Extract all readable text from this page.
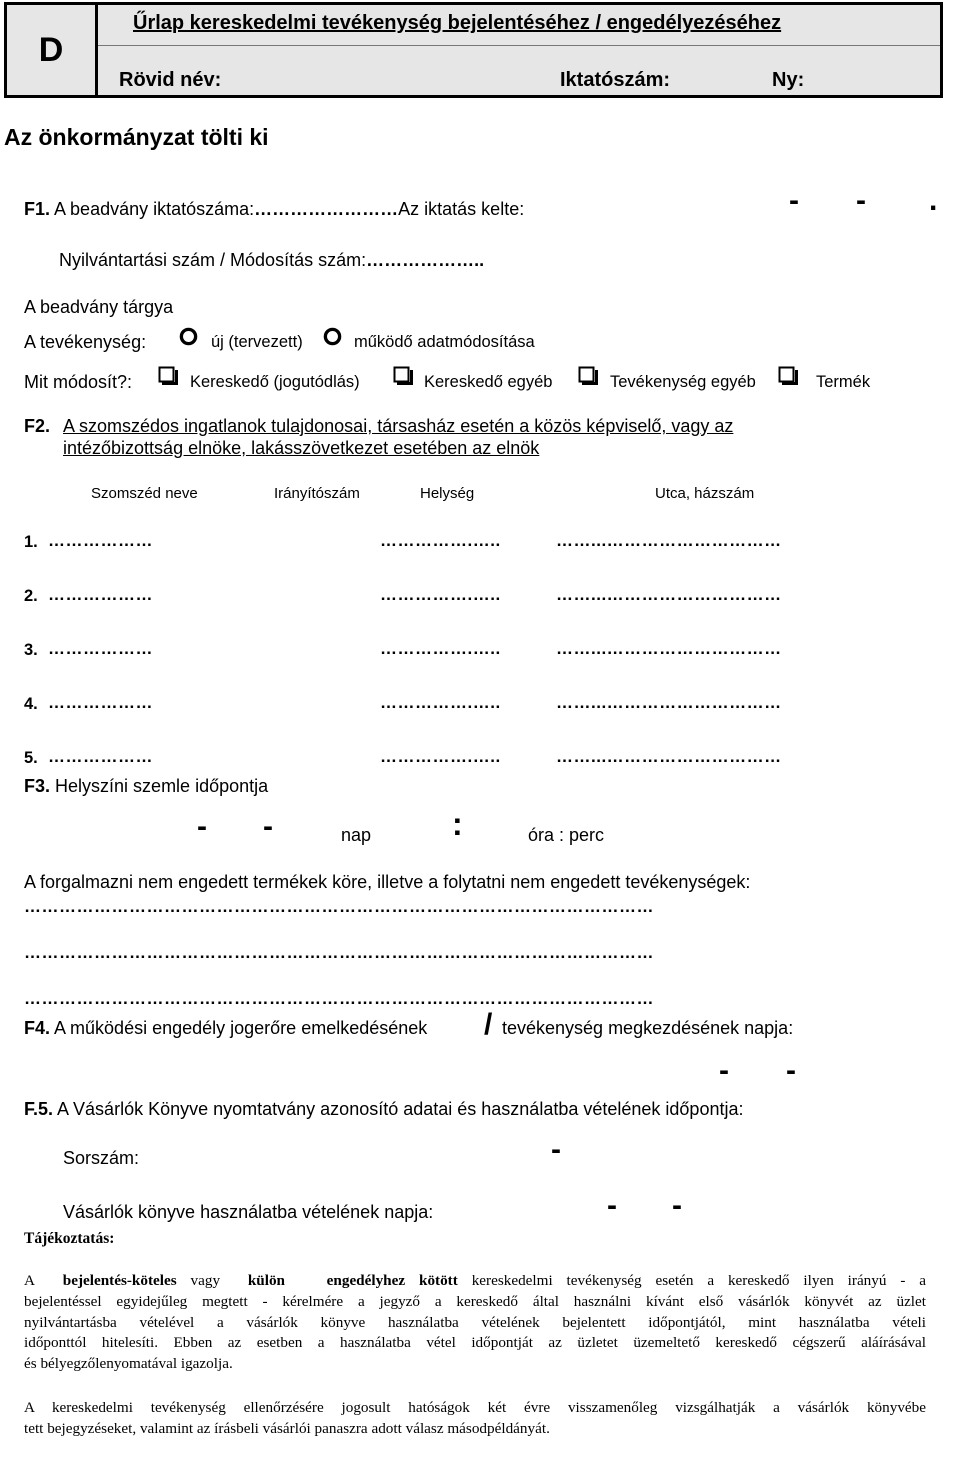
D
Űrlap kereskedelmi tevékenység bejelentéséhez / engedélyezéséhez
Rövid név:	Iktatószám:	Ny:
Az önkormányzat tölti ki
F1. A beadvány iktatószáma:……………………Az iktatás kelte:	- - .
Nyilvántartási szám / Módosítás szám:………………..
A beadvány tárgya
A tevékenység:	új (tervezett)	működő adatmódosítása
Mit módosít?:	Kereskedő (jogutódlás)	Kereskedő egyéb	Tevékenység egyéb	Termék
F2. A szomszédos ingatlanok tulajdonosai, társasház esetén a közös képviselő, vagy az
intézőbizottság elnöke, lakásszövetkezet esetében az elnök
Szomszéd neve	Irányítószám	Helység	Utca, házszám
1. ………………	…………….…..	……...…………………………
2. ………………	…………….…..	……...…………………………
3. ………………	…………….…..	……...…………………………
4. ………………	…………….…..	……...…………………………
5. ………………	…………….…..	……...…………………………
F3. Helyszíni szemle időpontja
- -	nap	:	óra : perc
A forgalmazni nem engedett termékek köre, illetve a folytatni nem engedett tevékenységek:
………………………………………………………………………………………………
………………………………………………………………………………………………
………………………………………………………………………………………………
F4. A működési engedély jogerőre emelkedésének / tevékenység megkezdésének napja:
- -
F.5. A Vásárlók Könyve nyomtatvány azonosító adatai és használatba vételének időpontja:
Sorszám:	-
Vásárlók könyve használatba vételének napja:	- -
Tájékoztatás:
A bejelentés-köteles vagy külön	engedélyhez kötött kereskedelmi tevékenység esetén a kereskedő ilyen irányú - a
bejelentéssel egyidejűleg megtett - kérelmére a jegyző a kereskedő által használni kívánt első vásárlók könyvét az üzlet
nyilvántartásba vételével a vásárlók könyve használatba vételének bejelentett időpontjától, mint használatba vételi
időponttól hitelesíti. Ebben az esetben a használatba vétel időpontját az üzletet üzemeltető kereskedő cégszerű aláírásával
és bélyegzőlenyomatával igazolja.
A kereskedelmi tevékenység ellenőrzésére jogosult hatóságok két évre visszamenőleg vizsgálhatják a vásárlók könyvébe
tett bejegyzéseket, valamint az írásbeli vásárlói panaszra adott válasz másodpéldányát.
